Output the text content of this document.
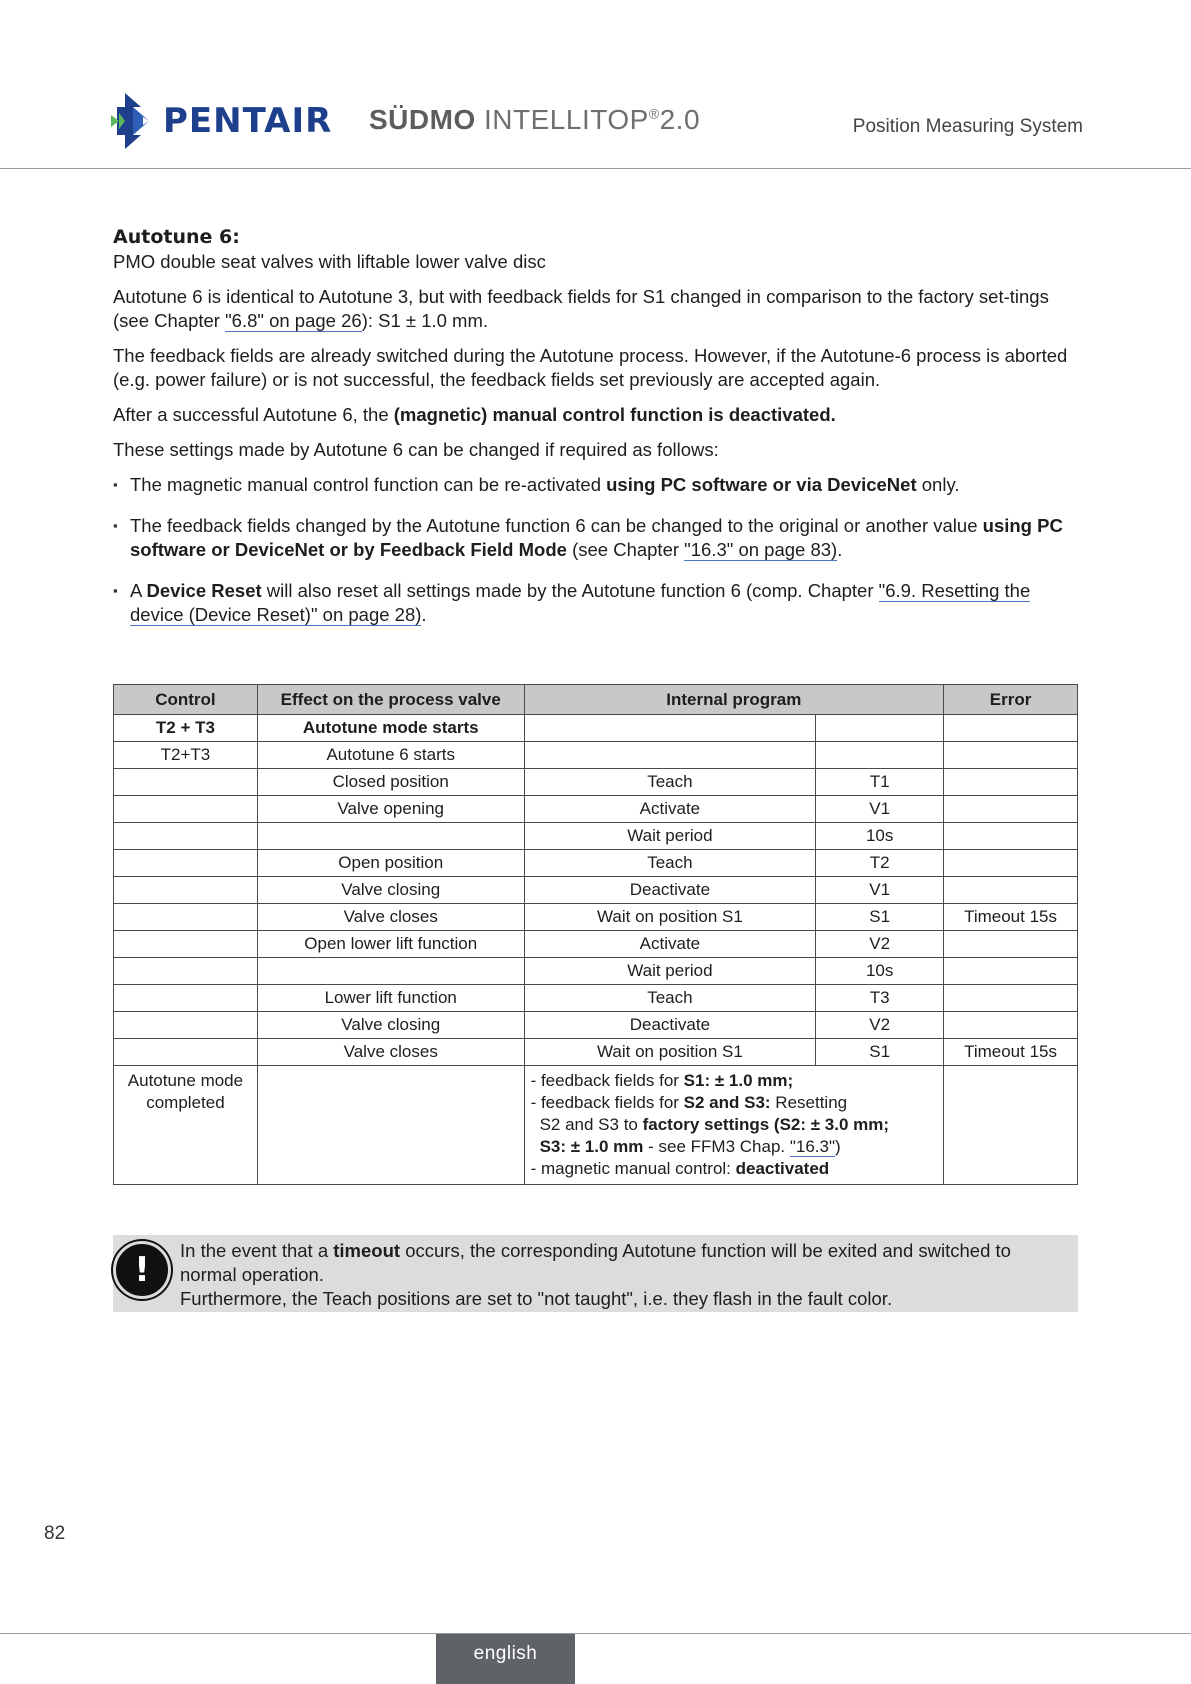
PENTAIR SÜDMO INTELLITOP®2.0	Position Measuring System
Autotune 6:

PMO double seat valves with liftable lower valve disc

Autotune 6 is identical to Autotune 3, but with feedback fields for S1 changed in comparison to the factory set-tings (see Chapter "6.8" on page 26): S1 ± 1.0 mm.

The feedback fields are already switched during the Autotune process. However, if the Autotune-6 process is aborted (e.g. power failure) or is not successful, the feedback fields set previously are accepted again.

After a successful Autotune 6, the (magnetic) manual control function is deactivated.

These settings made by Autotune 6 can be changed if required as follows:

▪ The magnetic manual control function can be re-activated using PC software or via DeviceNet only.
▪ The feedback fields changed by the Autotune function 6 can be changed to the original or another value using PC software or DeviceNet or by Feedback Field Mode (see Chapter "16.3" on page 83).
▪ A Device Reset will also reset all settings made by the Autotune function 6 (comp. Chapter "6.9. Resetting the device (Device Reset)" on page 28).
Control	Effect on the process valve	Internal program		Error
T2 + T3	Autotune mode starts			
T2+T3	Autotune 6 starts			
	Closed position	Teach	T1	
	Valve opening	Activate	V1	
		Wait period	10s	
	Open position	Teach	T2	
	Valve closing	Deactivate	V1	
	Valve closes	Wait on position S1	S1	Timeout 15s
	Open lower lift function	Activate	V2	
		Wait period	10s	
	Lower lift function	Teach	T3	
	Valve closing	Deactivate	V2	
	Valve closes	Wait on position S1	S1	Timeout 15s
Autotune mode completed		- feedback fields for S1: ± 1.0 mm;
- feedback fields for S2 and S3: Resetting
S2 and S3 to factory settings (S2: ± 3.0 mm;
S3: ± 1.0 mm - see FFM3 Chap. "16.3")
- magnetic manual control: deactivated		

!	In the event that a timeout occurs, the corresponding Autotune function will be exited and switched to normal operation.
Furthermore, the Teach positions are set to "not taught", i.e. they flash in the fault color.
82
english
